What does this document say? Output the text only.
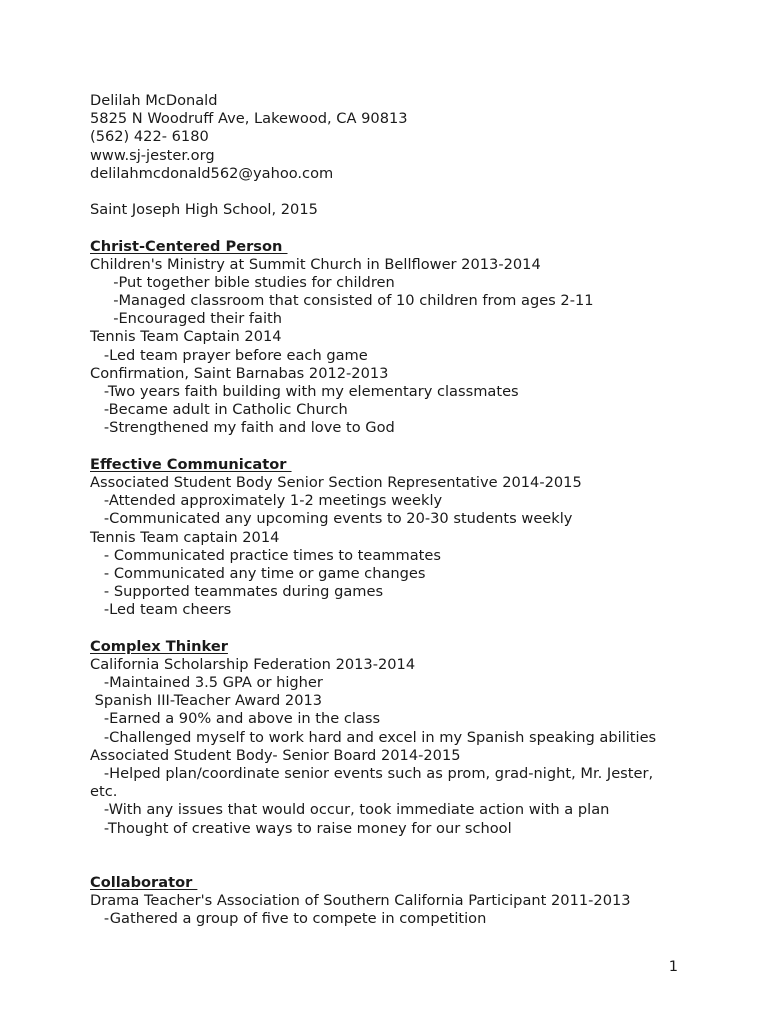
Delilah McDonald
5825 N Woodruff Ave, Lakewood, CA 90813
(562) 422- 6180
www.sj-jester.org
delilahmcdonald562@yahoo.com
Saint Joseph High School, 2015
Christ-Centered Person
Children's Ministry at Summit Church in Bellflower 2013-2014
-Put together bible studies for children
-Managed classroom that consisted of 10 children from ages 2-11
-Encouraged their faith
Tennis Team Captain 2014
-Led team prayer before each game
Confirmation, Saint Barnabas 2012-2013
-Two years faith building with my elementary classmates
-Became adult in Catholic Church
-Strengthened my faith and love to God
Effective Communicator
Associated Student Body Senior Section Representative 2014-2015
-Attended approximately 1-2 meetings weekly
-Communicated any upcoming events to 20-30 students weekly
Tennis Team captain 2014
- Communicated practice times to teammates
- Communicated any time or game changes
- Supported teammates during games
-Led team cheers
Complex Thinker
California Scholarship Federation 2013-2014
-Maintained 3.5 GPA or higher
Spanish III-Teacher Award 2013
-Earned a 90% and above in the class
-Challenged myself to work hard and excel in my Spanish speaking abilities
Associated Student Body- Senior Board 2014-2015
-Helped plan/coordinate senior events such as prom, grad-night, Mr. Jester,
etc.
-With any issues that would occur, took immediate action with a plan
-Thought of creative ways to raise money for our school
Collaborator
Drama Teacher's Association of Southern California Participant 2011-2013
-Gathered a group of five to compete in competition
1
